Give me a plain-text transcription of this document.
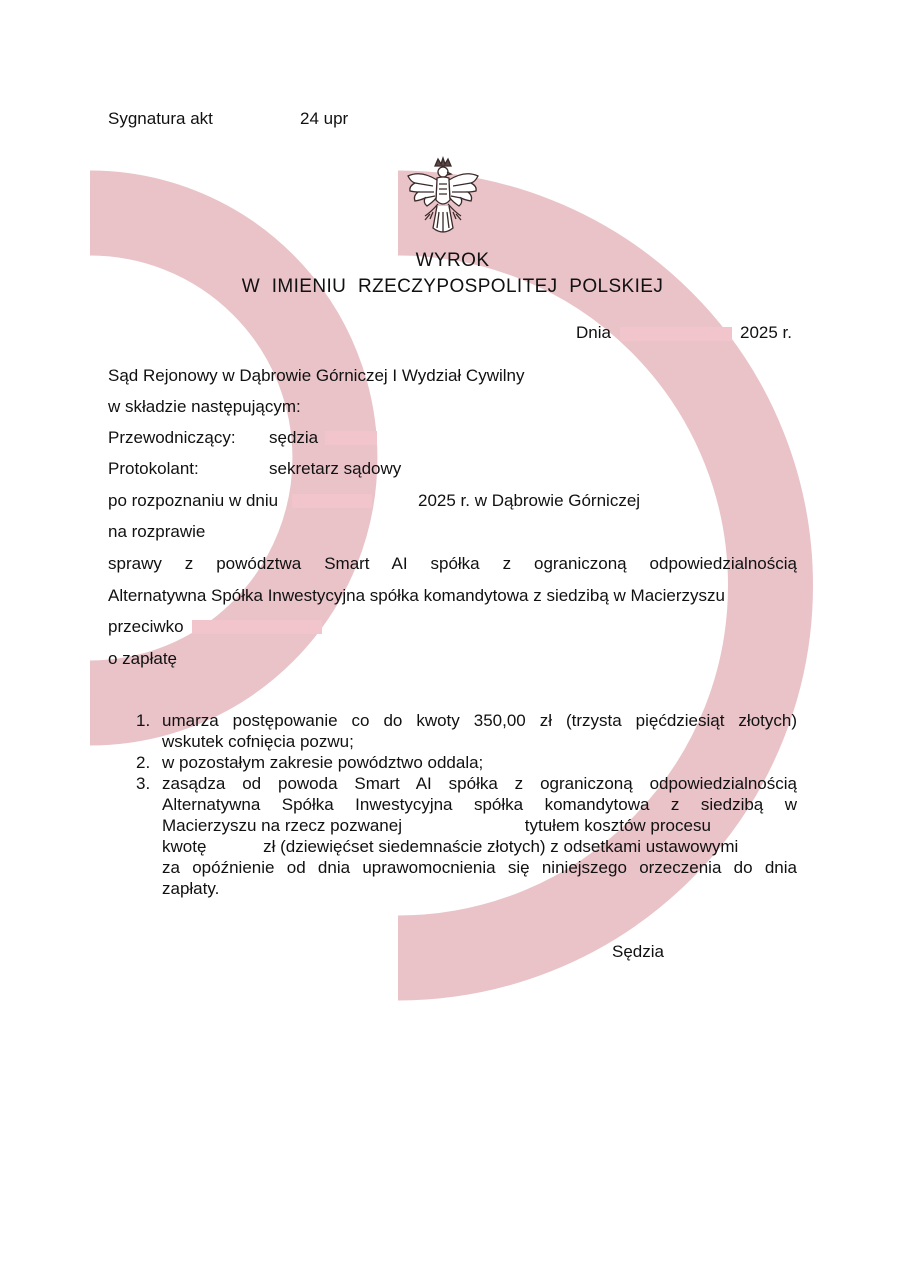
Sygnatura akt	24 upr
WYROK
W IMIENIU RZECZYPOSPOLITEJ POLSKIEJ
Dnia	2025 r.
Sąd Rejonowy w Dąbrowie Górniczej I Wydział Cywilny
w składzie następującym:
Przewodniczący: sędzia
Protokolant:	sekretarz sądowy
po rozpoznaniu w dniu	2025 r. w Dąbrowie Górniczej
na rozprawie
sprawy z powództwa Smart AI spółka z ograniczoną odpowiedzialnością
Alternatywna Spółka Inwestycyjna spółka komandytowa z siedzibą w Macierzyszu
przeciwko
o zapłatę
1. umarza postępowanie co do kwoty 350,00 zł (trzysta pięćdziesiąt złotych)
wskutek cofnięcia pozwu;
2. w pozostałym zakresie powództwo oddala;
3. zasądza od powoda Smart AI spółka z ograniczoną odpowiedzialnością
Alternatywna Spółka Inwestycyjna spółka komandytowa z siedzibą w
Macierzyszu na rzecz pozwanej                          tytułem kosztów procesu
kwotę            zł (dziewięćset siedemnaście złotych) z odsetkami ustawowymi
za opóźnienie od dnia uprawomocnienia się niniejszego orzeczenia do dnia
zapłaty.
Sędzia
